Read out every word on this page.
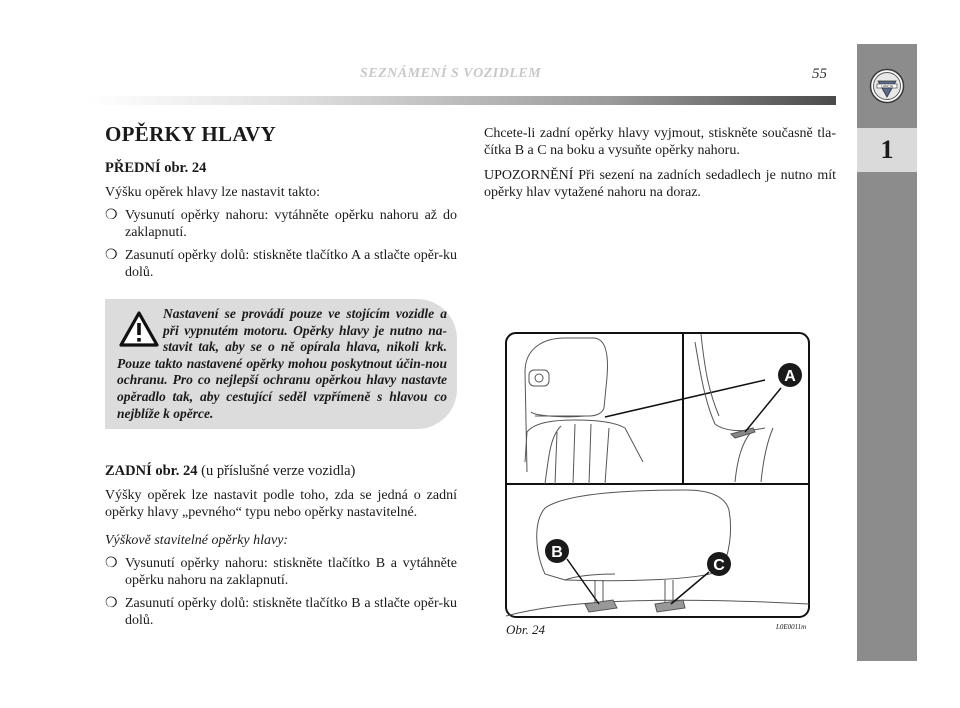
SEZNÁMENÍ S VOZIDLEM	55
LANCIA
1
OPĚRKY HLAVY
PŘEDNÍ obr. 24

Výšku opěrek hlavy lze nastavit takto:

❍ Vysunutí opěrky nahoru: vytáhněte opěrku nahoru až do zaklapnutí.
❍ Zasunutí opěrky dolů: stiskněte tlačítko A a stlačte opěr-ku dolů.
Nastavení se provádí pouze ve stojícím vozidle a při vypnutém motoru. Opěrky hlavy je nutno na-stavit tak, aby se o ně opírala hlava, nikoli krk. Pouze takto nastavené opěrky mohou poskytnout účin-nou ochranu. Pro co nejlepší ochranu opěrkou hlavy nastavte opěradlo tak, aby cestující seděl vzpřímeně s hlavou co nejblíže k opěrce.
ZADNÍ obr. 24 (u příslušné verze vozidla)

Výšky opěrek lze nastavit podle toho, zda se jedná o zadní opěrky hlavy „pevného“ typu nebo opěrky nastavitelné.

Výškově stavitelné opěrky hlavy:
❍ Vysunutí opěrky nahoru: stiskněte tlačítko B a vytáhněte opěrku nahoru na zaklapnutí.
❍ Zasunutí opěrky dolů: stiskněte tlačítko B a stlačte opěr-ku dolů.

Chcete-li zadní opěrky hlavy vyjmout, stiskněte současně tla-čítka B a C na boku a vysuňte opěrky nahoru.

UPOZORNĚNÍ Při sezení na zadních sedadlech je nutno mít opěrky hlav vytažené nahoru na doraz.

A
B
C
Obr. 24	L0E0011m
